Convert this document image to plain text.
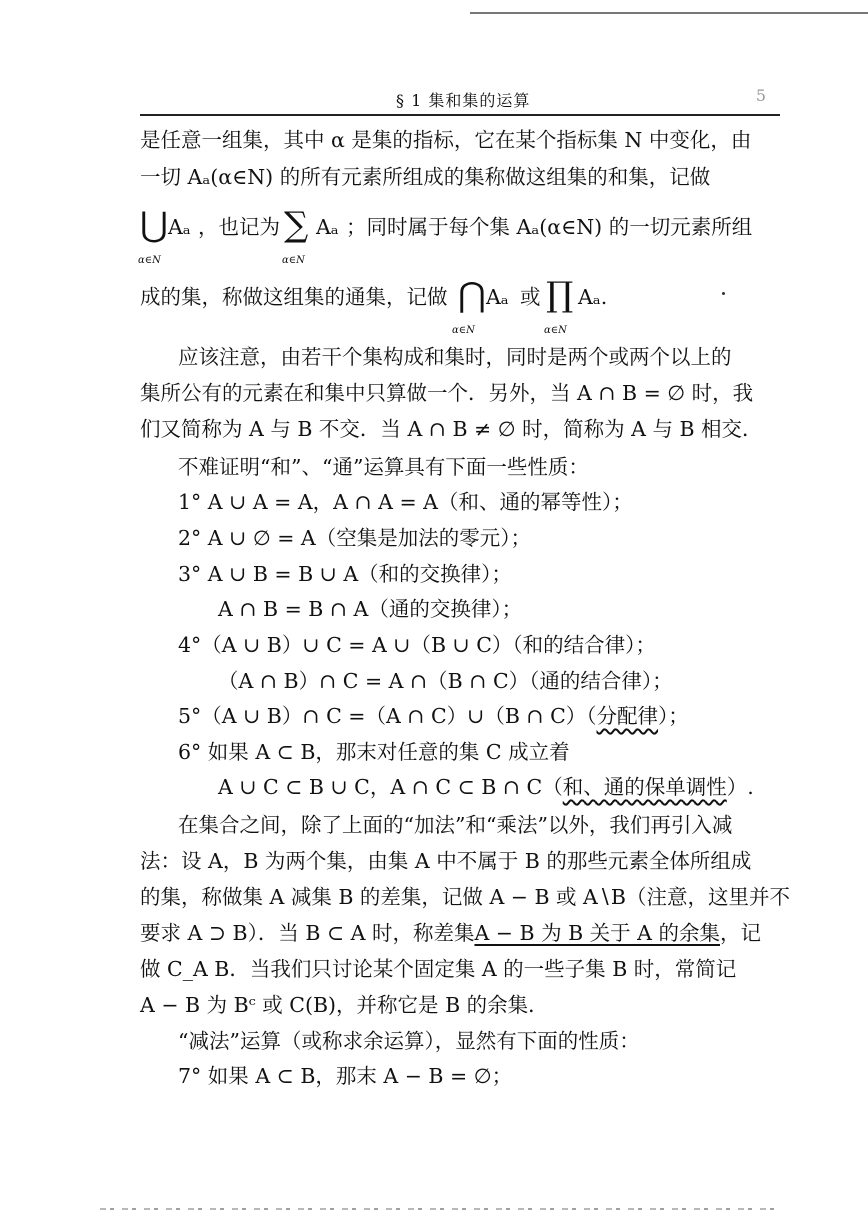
§ 1 集和集的运算	5
是任意一组集，其中 α 是集的指标，它在某个指标集 N 中变化，由
一切 Aₐ(α∈N) 的所有元素所组成的集称做这组集的和集，记做
⋃
α∈N
Aₐ ，也记为 ∑
α∈N
Aₐ ；同时属于每个集 Aₐ(α∈N) 的一切元素所组
成的集，称做这组集的通集，记做 ⋂
α∈N
Aₐ 或 ∏
α∈N
Aₐ.
应该注意，由若干个集构成和集时，同时是两个或两个以上的
集所公有的元素在和集中只算做一个．另外，当 A ∩ B = ∅ 时，我
们又简称为 A 与 B 不交．当 A ∩ B ≠ ∅ 时，简称为 A 与 B 相交．
不难证明“和”、“通”运算具有下面一些性质：
1° A ∪ A = A，A ∩ A = A（和、通的幂等性）；
2° A ∪ ∅ = A（空集是加法的零元）；
3° A ∪ B = B ∪ A（和的交换律）；
A ∩ B = B ∩ A（通的交换律）；
4°（A ∪ B）∪ C = A ∪（B ∪ C）（和的结合律）；
（A ∩ B）∩ C = A ∩（B ∩ C）（通的结合律）；
5°（A ∪ B）∩ C =（A ∩ C）∪（B ∩ C）（分配律）；
6° 如果 A ⊂ B，那末对任意的集 C 成立着
A ∪ C ⊂ B ∪ C，A ∩ C ⊂ B ∩ C（和、通的保单调性）.
在集合之间，除了上面的“加法”和“乘法”以外，我们再引入减
法：设 A，B 为两个集，由集 A 中不属于 B 的那些元素全体所组成
的集，称做集 A 减集 B 的差集，记做 A − B 或 A∖B（注意，这里并不
要求 A ⊃ B）．当 B ⊂ A 时，称差集A − B 为 B 关于 A 的余集，记
做 C_A B．当我们只讨论某个固定集 A 的一些子集 B 时，常简记
A − B 为 Bᶜ 或 C(B)，并称它是 B 的余集．
“减法”运算（或称求余运算），显然有下面的性质：
7° 如果 A ⊂ B，那末 A − B = ∅；
